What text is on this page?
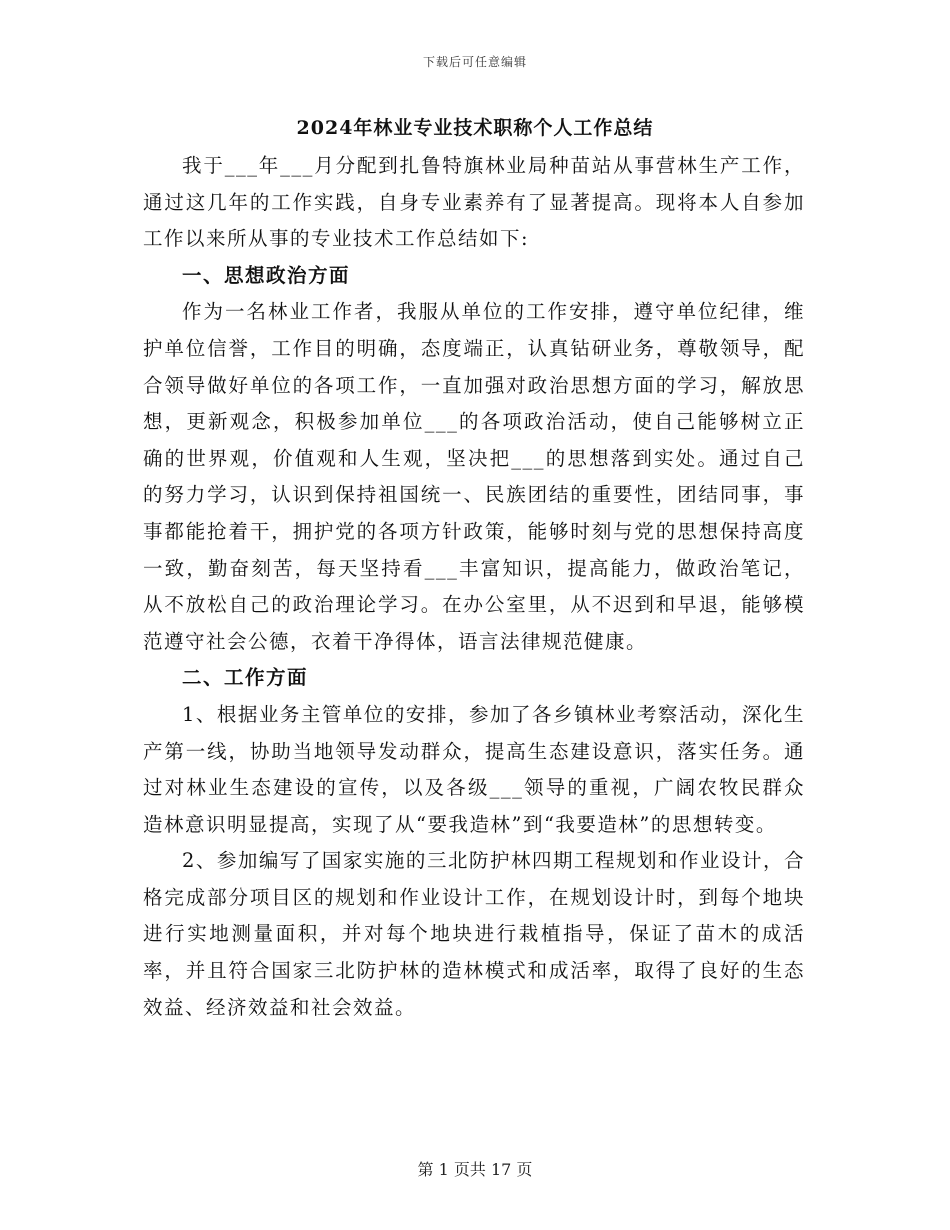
下载后可任意编辑
2024年林业专业技术职称个人工作总结

我于___年___月分配到扎鲁特旗林业局种苗站从事营林生产工作，通过这几年的工作实践，自身专业素养有了显著提高。现将本人自参加工作以来所从事的专业技术工作总结如下:

一、思想政治方面

作为一名林业工作者，我服从单位的工作安排，遵守单位纪律，维护单位信誉，工作目的明确，态度端正，认真钻研业务，尊敬领导，配合领导做好单位的各项工作，一直加强对政治思想方面的学习，解放思想，更新观念，积极参加单位___的各项政治活动，使自己能够树立正确的世界观，价值观和人生观，坚决把___的思想落到实处。通过自己的努力学习，认识到保持祖国统一、民族团结的重要性，团结同事，事事都能抢着干，拥护党的各项方针政策，能够时刻与党的思想保持高度一致，勤奋刻苦，每天坚持看___丰富知识，提高能力，做政治笔记，从不放松自己的政治理论学习。在办公室里，从不迟到和早退，能够模范遵守社会公德，衣着干净得体，语言法律规范健康。

二、工作方面

1、根据业务主管单位的安排，参加了各乡镇林业考察活动，深化生产第一线，协助当地领导发动群众，提高生态建设意识，落实任务。通过对林业生态建设的宣传，以及各级___领导的重视，广阔农牧民群众造林意识明显提高，实现了从“要我造林”到“我要造林”的思想转变。

2、参加编写了国家实施的三北防护林四期工程规划和作业设计，合格完成部分项目区的规划和作业设计工作，在规划设计时，到每个地块进行实地测量面积，并对每个地块进行栽植指导，保证了苗木的成活率，并且符合国家三北防护林的造林模式和成活率，取得了良好的生态效益、经济效益和社会效益。

第 1 页共 17 页
